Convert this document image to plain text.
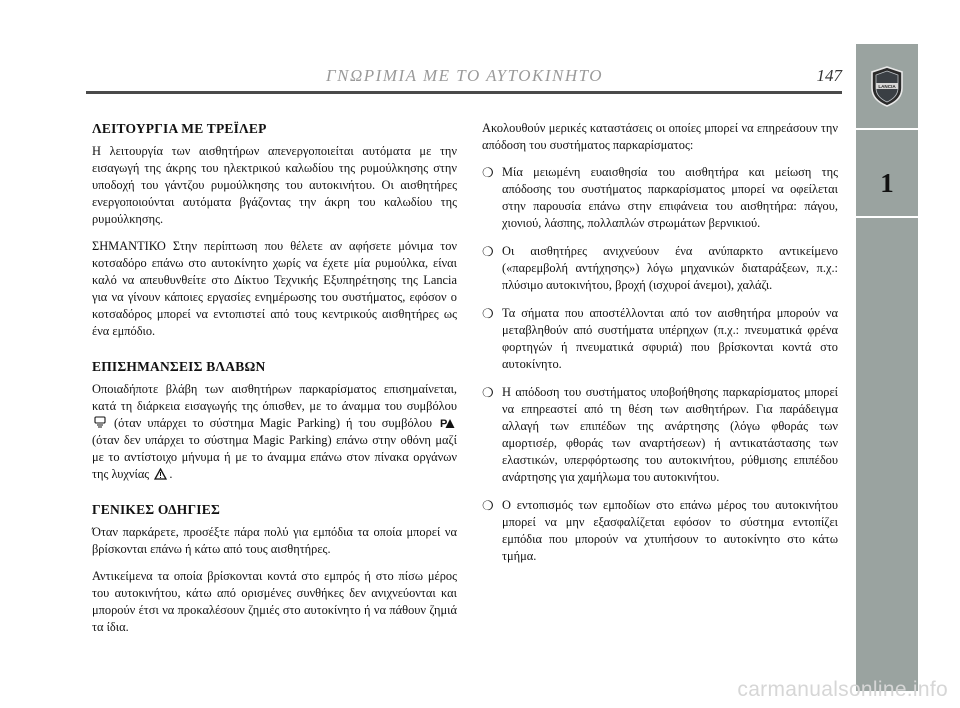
ΓΝΩΡΙΜΙΑ ΜΕ ΤΟ ΑΥΤΟΚΙΝΗΤΟ	147
LANCIA
1
ΛΕΙΤΟΥΡΓΙΑ ΜΕ ΤΡΕΪΛΕΡ

Η λειτουργία των αισθητήρων απενεργοποιείται αυτόματα με την εισαγωγή της άκρης του ηλεκτρικού καλωδίου της ρυμούλκησης στην υποδοχή του γάντζου ρυμούλκησης του αυτοκινήτου. Οι αισθητήρες ενεργοποιούνται αυτόματα βγάζοντας την άκρη του καλωδίου της ρυμούλκησης.

ΣΗΜΑΝΤΙΚΟ Στην περίπτωση που θέλετε αν αφήσετε μόνιμα τον κοτσαδόρο επάνω στο αυτοκίνητο χωρίς να έχετε μία ρυμούλκα, είναι καλό να απευθυνθείτε στο Δίκτυο Τεχνικής Εξυπηρέτησης της Lancia για να γίνουν κάποιες εργασίες ενημέρωσης του συστήματος, εφόσον ο κοτσαδόρος μπορεί να εντοπιστεί από τους κεντρικούς αισθητήρες ως ένα εμπόδιο.

ΕΠΙΣΗΜΑΝΣΕΙΣ ΒΛΑΒΩΝ

Οποιαδήποτε βλάβη των αισθητήρων παρκαρίσματος επισημαίνεται, κατά τη διάρκεια εισαγωγής της όπισθεν, με το άναμμα του συμβόλου  (όταν υπάρχει το σύστημα Magic Parking) ή του συμβόλου P
(όταν δεν υπάρχει το σύστημα Magic Parking) επάνω στην οθόνη μαζί με το αντίστοιχο μήνυμα ή με το άναμμα επάνω στον πίνακα οργάνων της λυχνίας .

ΓΕΝΙΚΕΣ ΟΔΗΓΙΕΣ

Όταν παρκάρετε, προσέξτε πάρα πολύ για εμπόδια τα οποία μπορεί να βρίσκονται επάνω ή κάτω από τους αισθητήρες.

Αντικείμενα τα οποία βρίσκονται κοντά στο εμπρός ή στο πίσω μέρος του αυτοκινήτου, κάτω από ορισμένες συνθήκες δεν ανιχνεύονται και μπορούν έτσι να προκαλέσουν ζημιές στο αυτοκίνητο ή να πάθουν ζημιά τα ίδια.

Ακολουθούν μερικές καταστάσεις οι οποίες μπορεί να επηρεάσουν την απόδοση του συστήματος παρκαρίσματος:

❍ Μία μειωμένη ευαισθησία του αισθητήρα και μείωση της απόδοσης του συστήματος παρκαρίσματος μπορεί να οφείλεται στην παρουσία επάνω στην επιφάνεια του αισθητήρα: πάγου, χιονιού, λάσπης, πολλαπλών στρωμάτων βερνικιού.
❍ Οι αισθητήρες ανιχνεύουν ένα ανύπαρκτο αντικείμενο («παρεμβολή αντήχησης») λόγω μηχανικών διαταράξεων, π.χ.: πλύσιμο αυτοκινήτου, βροχή (ισχυροί άνεμοι), χαλάζι.
❍ Τα σήματα που αποστέλλονται από τον αισθητήρα μπορούν να μεταβληθούν από συστήματα υπέρηχων (π.χ.: πνευματικά φρένα φορτηγών ή πνευματικά σφυριά) που βρίσκονται κοντά στο αυτοκίνητο.
❍ Η απόδοση του συστήματος υποβοήθησης παρκαρίσματος μπορεί να επηρεαστεί από τη θέση των αισθητήρων. Για παράδειγμα αλλαγή των επιπέδων της ανάρτησης (λόγω φθοράς των αμορτισέρ, φθοράς των αναρτήσεων) ή αντικατάστασης των ελαστικών, υπερφόρτωσης του αυτοκινήτου, ρύθμισης επιπέδου ανάρτησης για χαμήλωμα του αυτοκινήτου.
❍ Ο εντοπισμός των εμποδίων στο επάνω μέρος του αυτοκινήτου μπορεί να μην εξασφαλίζεται εφόσον το σύστημα εντοπίζει εμπόδια που μπορούν να χτυπήσουν το αυτοκίνητο στο κάτω τμήμα.
carmanualsonline.info
